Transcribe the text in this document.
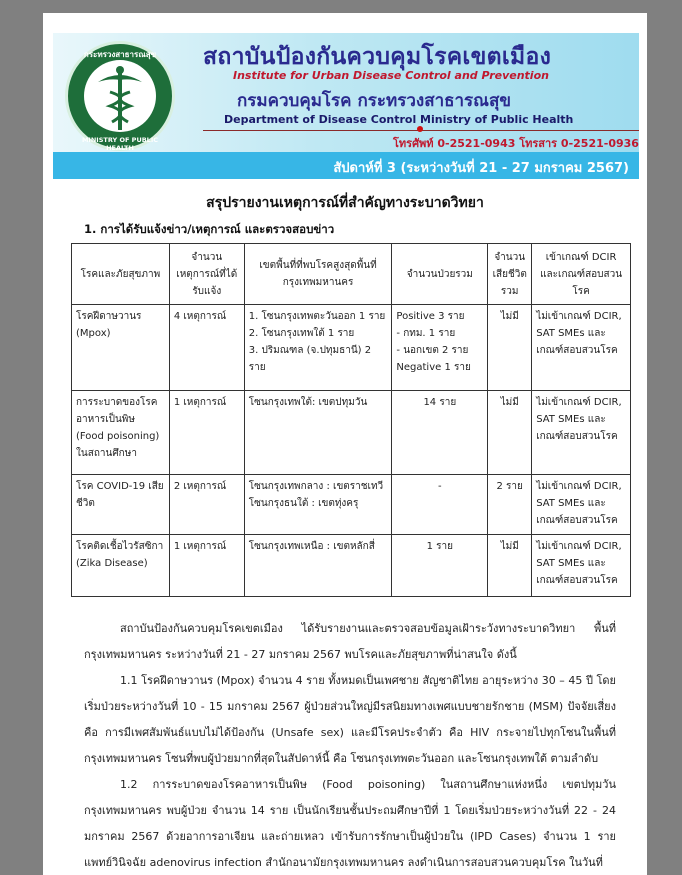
กระทรวงสาธารณสุข
MINISTRY OF PUBLIC HEALTH
สถาบันป้องกันควบคุมโรคเขตเมือง
Institute for Urban Disease Control and Prevention
กรมควบคุมโรค กระทรวงสาธารณสุข
Department of Disease Control Ministry of Public Health
โทรศัพท์ 0-2521-0943 โทรสาร 0-2521-0936
สัปดาห์ที่ 3 (ระหว่างวันที่ 21 - 27 มกราคม 2567)
สรุปรายงานเหตุการณ์ที่สำคัญทางระบาดวิทยา
1. การได้รับแจ้งข่าว/เหตุการณ์ และตรวจสอบข่าว
โรคและภัยสุขภาพ	จำนวนเหตุการณ์ที่ได้รับแจ้ง	เขตพื้นที่ที่พบโรคสูงสุดพื้นที่กรุงเทพมหานคร	จำนวนป่วยรวม	จำนวนเสียชีวิตรวม	เข้าเกณฑ์ DCIR และเกณฑ์สอบสวนโรค
โรคฝีดาษวานร (Mpox)	4 เหตุการณ์	1. โซนกรุงเทพตะวันออก 1 ราย
2. โซนกรุงเทพใต้ 1 ราย
3. ปริมณฑล (จ.ปทุมธานี) 2 ราย	Positive 3 ราย
- กทม. 1 ราย
- นอกเขต 2 ราย
Negative 1 ราย	ไม่มี	ไม่เข้าเกณฑ์ DCIR, SAT SMEs และเกณฑ์สอบสวนโรค
การระบาดของโรคอาหารเป็นพิษ (Food poisoning) ในสถานศึกษา	1 เหตุการณ์	โซนกรุงเทพใต้: เขตปทุมวัน	14 ราย	ไม่มี	ไม่เข้าเกณฑ์ DCIR, SAT SMEs และเกณฑ์สอบสวนโรค
โรค COVID-19 เสียชีวิต	2 เหตุการณ์	โซนกรุงเทพกลาง : เขตราชเทวี
โซนกรุงธนใต้ : เขตทุ่งครุ	-	2 ราย	ไม่เข้าเกณฑ์ DCIR, SAT SMEs และเกณฑ์สอบสวนโรค
โรคติดเชื้อไวรัสซิกา (Zika Disease)	1 เหตุการณ์	โซนกรุงเทพเหนือ : เขตหลักสี่	1 ราย	ไม่มี	ไม่เข้าเกณฑ์ DCIR, SAT SMEs และเกณฑ์สอบสวนโรค
สถาบันป้องกันควบคุมโรคเขตเมือง ได้รับรายงานและตรวจสอบข้อมูลเฝ้าระวังทางระบาดวิทยา พื้นที่กรุงเทพมหานคร ระหว่างวันที่ 21 - 27 มกราคม 2567 พบโรคและภัยสุขภาพที่น่าสนใจ ดังนี้
1.1 โรคฝีดาษวานร (Mpox) จำนวน 4 ราย ทั้งหมดเป็นเพศชาย สัญชาติไทย อายุระหว่าง 30 – 45 ปี โดยเริ่มป่วยระหว่างวันที่ 10 - 15 มกราคม 2567 ผู้ป่วยส่วนใหญ่มีรสนิยมทางเพศแบบชายรักชาย (MSM) ปัจจัยเสี่ยงคือ การมีเพศสัมพันธ์แบบไม่ได้ป้องกัน (Unsafe sex) และมีโรคประจำตัว คือ HIV กระจายไปทุกโซนในพื้นที่กรุงเทพมหานคร โซนที่พบผู้ป่วยมากที่สุดในสัปดาห์นี้ คือ โซนกรุงเทพตะวันออก และโซนกรุงเทพใต้ ตามลำดับ
1.2 การระบาดของโรคอาหารเป็นพิษ (Food poisoning) ในสถานศึกษาแห่งหนึ่ง เขตปทุมวัน กรุงเทพมหานคร พบผู้ป่วย จำนวน 14 ราย เป็นนักเรียนชั้นประถมศึกษาปีที่ 1 โดยเริ่มป่วยระหว่างวันที่ 22 - 24 มกราคม 2567 ด้วยอาการอาเจียน และถ่ายเหลว เข้ารับการรักษาเป็นผู้ป่วยใน (IPD Cases) จำนวน 1 ราย แพทย์วินิจฉัย adenovirus infection สำนักอนามัยกรุงเทพมหานคร ลงดำเนินการสอบสวนควบคุมโรค ในวันที่
